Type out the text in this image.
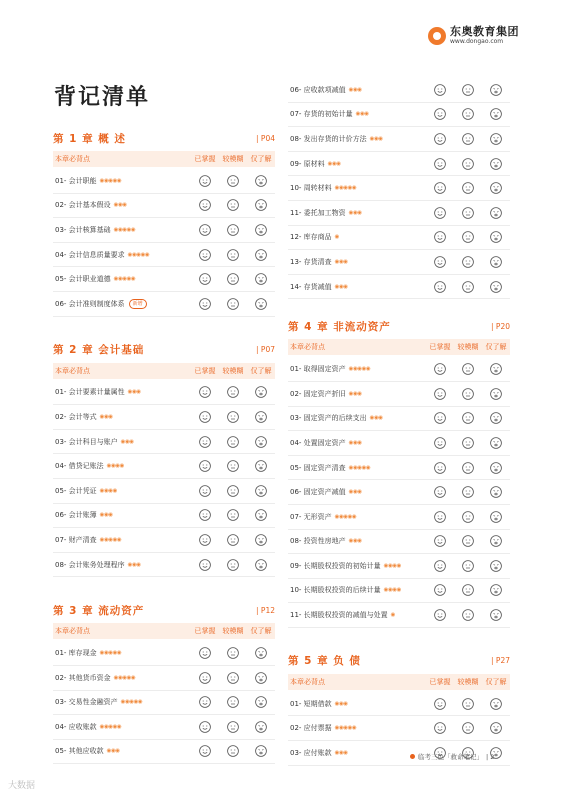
东奥教育集团
www.dongao.com
背记清单
第 1 章 概 述	| P04
本章必背点	已掌握	较模糊	仅了解
01- 会计职能 ◉◉◉◉◉
02- 会计基本假设 ◉◉◉
03- 会计核算基础 ◉◉◉◉◉
04- 会计信息质量要求 ◉◉◉◉◉
05- 会计职业道德 ◉◉◉◉◉
06- 会计准则制度体系	新增
第 2 章 会计基础	| P07
本章必背点	已掌握	较模糊	仅了解
01- 会计要素计量属性 ◉◉◉
02- 会计等式 ◉◉◉
03- 会计科目与账户 ◉◉◉
04- 借贷记账法 ◉◉◉◉
05- 会计凭证 ◉◉◉◉
06- 会计账簿 ◉◉◉
07- 财产清查 ◉◉◉◉◉
08- 会计账务处理程序 ◉◉◉
第 3 章 流动资产	| P12
本章必背点	已掌握	较模糊	仅了解
01- 库存现金 ◉◉◉◉◉
02- 其他货币资金 ◉◉◉◉◉
03- 交易性金融资产 ◉◉◉◉◉
04- 应收账款 ◉◉◉◉◉
05- 其他应收款 ◉◉◉
06- 应收款项减值 ◉◉◉
07- 存货的初始计量 ◉◉◉
08- 发出存货的计价方法 ◉◉◉
09- 原材料 ◉◉◉
10- 周转材料 ◉◉◉◉◉
11- 委托加工物资 ◉◉◉
12- 库存商品 ◉
13- 存货清查 ◉◉◉
14- 存货减值 ◉◉◉
第 4 章 非流动资产	| P20
本章必背点	已掌握	较模糊	仅了解
01- 取得固定资产 ◉◉◉◉◉
02- 固定资产折旧 ◉◉◉
03- 固定资产的后续支出 ◉◉◉
04- 处置固定资产 ◉◉◉
05- 固定资产清查 ◉◉◉◉◉
06- 固定资产减值 ◉◉◉
07- 无形资产 ◉◉◉◉◉
08- 投资性房地产 ◉◉◉
09- 长期股权投资的初始计量 ◉◉◉◉
10- 长期股权投资的后续计量 ◉◉◉◉
11- 长期股权投资的减值与处置 ◉
第 5 章 负 债	| P27
本章必背点	已掌握	较模糊	仅了解
01- 短期借款 ◉◉◉
02- 应付票据 ◉◉◉◉◉
03- 应付账款 ◉◉◉
临考三色「救命笔记」 | 2
大数据
